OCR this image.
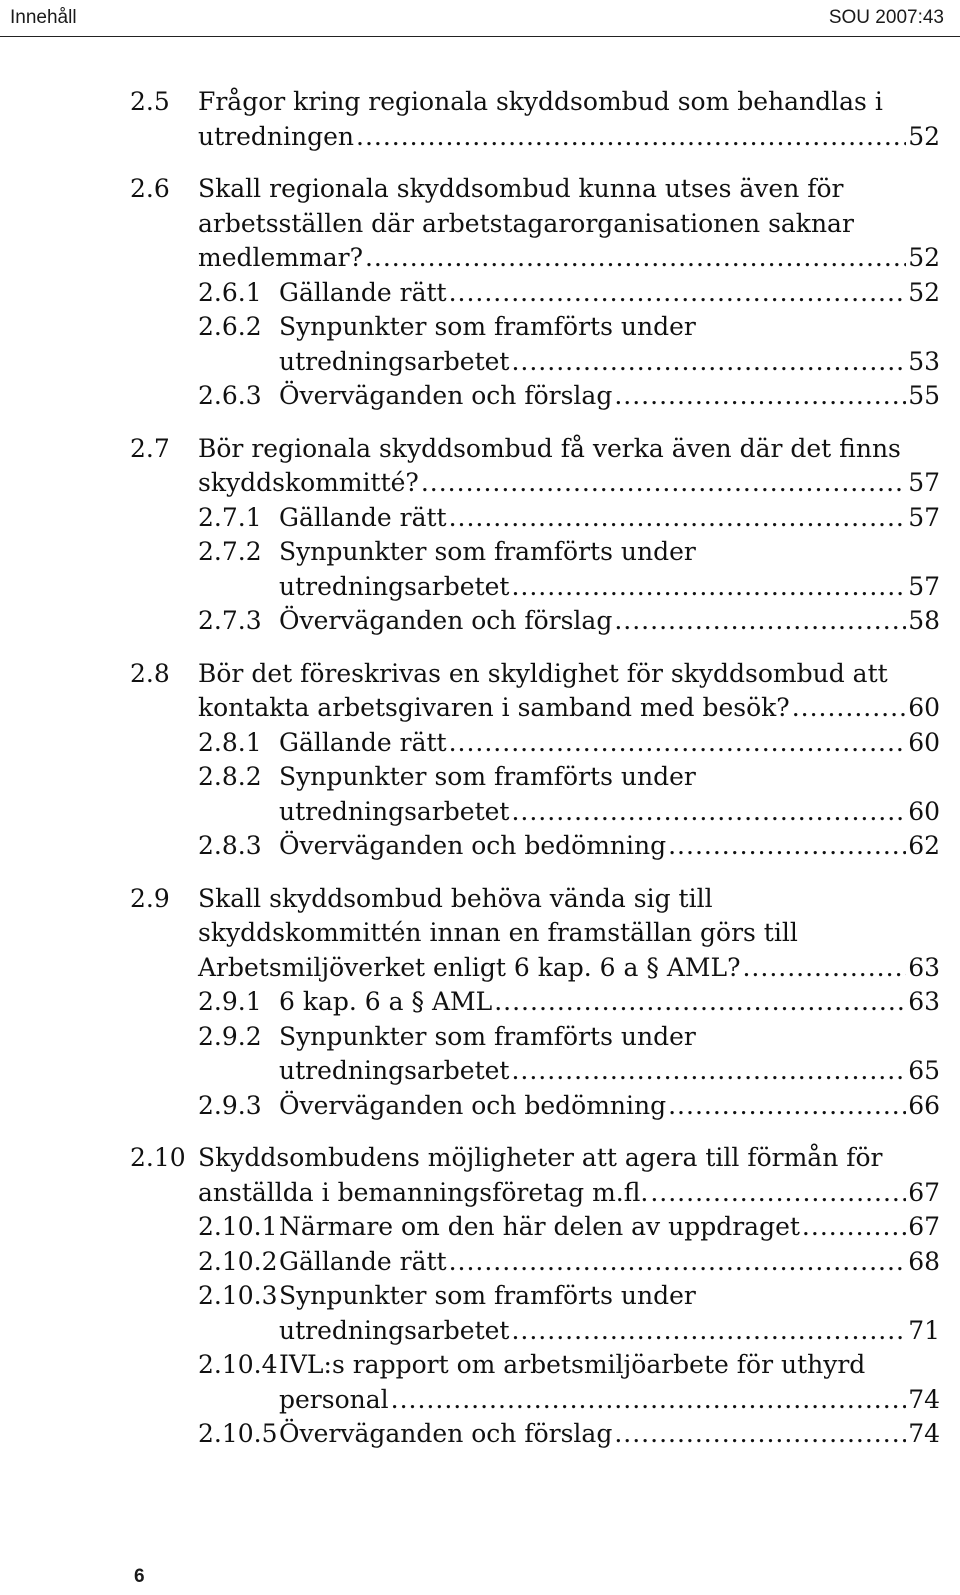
Innehåll	SOU 2007:43
2.5 Frågor kring regionala skyddsombud som behandlas i
utredningen .....	52
2.6 Skall regionala skyddsombud kunna utses även för
arbetsställen där arbetstagarorganisationen saknar
medlemmar? .....	52
2.6.1 Gällande rätt .....	52
2.6.2 Synpunkter som framförts under
utredningsarbetet .....	53
2.6.3 Överväganden och förslag .....	55
2.7 Bör regionala skyddsombud få verka även där det finns
skyddskommitté? .....	57
2.7.1 Gällande rätt .....	57
2.7.2 Synpunkter som framförts under
utredningsarbetet .....	57
2.7.3 Överväganden och förslag .....	58
2.8 Bör det föreskrivas en skyldighet för skyddsombud att
kontakta arbetsgivaren i samband med besök? .....	60
2.8.1 Gällande rätt .....	60
2.8.2 Synpunkter som framförts under
utredningsarbetet .....	60
2.8.3 Överväganden och bedömning .....	62
2.9 Skall skyddsombud behöva vända sig till
skyddskommittén innan en framställan görs till
Arbetsmiljöverket enligt 6 kap. 6 a § AML? .....	63
2.9.1 6 kap. 6 a § AML .....	63
2.9.2 Synpunkter som framförts under
utredningsarbetet .....	65
2.9.3 Överväganden och bedömning .....	66
2.10 Skyddsombudens möjligheter att agera till förmån för
anställda i bemanningsföretag m.fl. .....	67
2.10.1 Närmare om den här delen av uppdraget .....	67
2.10.2 Gällande rätt .....	68
2.10.3 Synpunkter som framförts under
utredningsarbetet .....	71
2.10.4 IVL:s rapport om arbetsmiljöarbete för uthyrd
personal .....	74
2.10.5 Överväganden och förslag .....	74
6
